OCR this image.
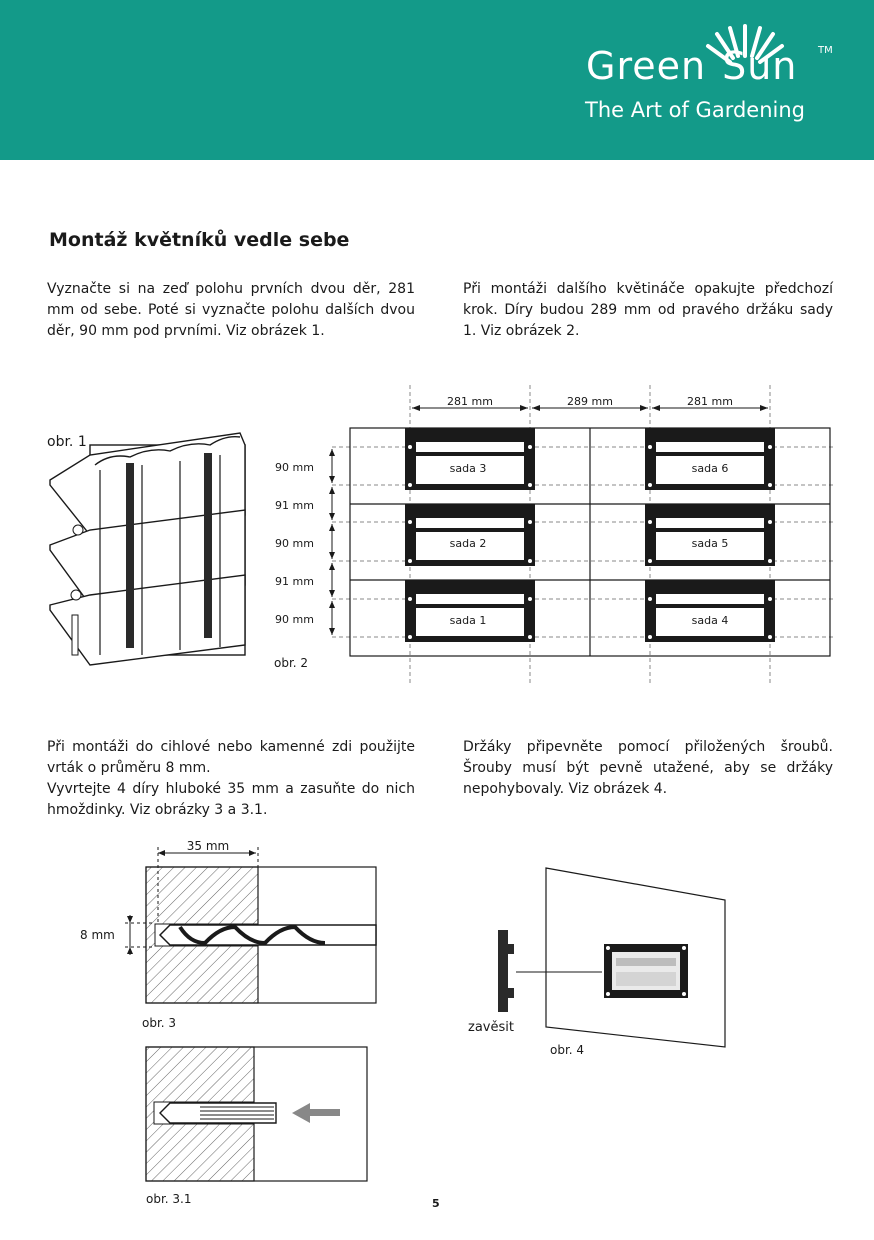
Green Sun TM
The Art of Gardening
Montáž květníků vedle sebe

Vyznačte si na zeď polohu prvních dvou děr, 281 mm od sebe. Poté si vyznačte polohu dalších dvou děr, 90 mm pod prvními. Viz obrázek 1.

Při montáži dalšího květináče opakujte předchozí krok. Díry budou 289 mm od pravého držáku sady 1. Viz obrázek 2.

obr. 1
281 mm	289 mm	281 mm
90 mm
91 mm
90 mm
91 mm
90 mm
sada 3	sada 6
sada 2	sada 5
sada 1	sada 4
obr. 2

Při montáži do cihlové nebo kamenné zdi použijte vrták o průměru 8 mm.

Vyvrtejte 4 díry hluboké 35 mm a zasuňte do nich hmoždinky. Viz obrázky 3 a 3.1.

Držáky připevněte pomocí přiložených šroubů. Šrouby musí být pevně utažené, aby se držáky nepohybovaly. Viz obrázek 4.

35 mm
8 mm
obr. 3
obr. 3.1
zavěsit
obr. 4
5
